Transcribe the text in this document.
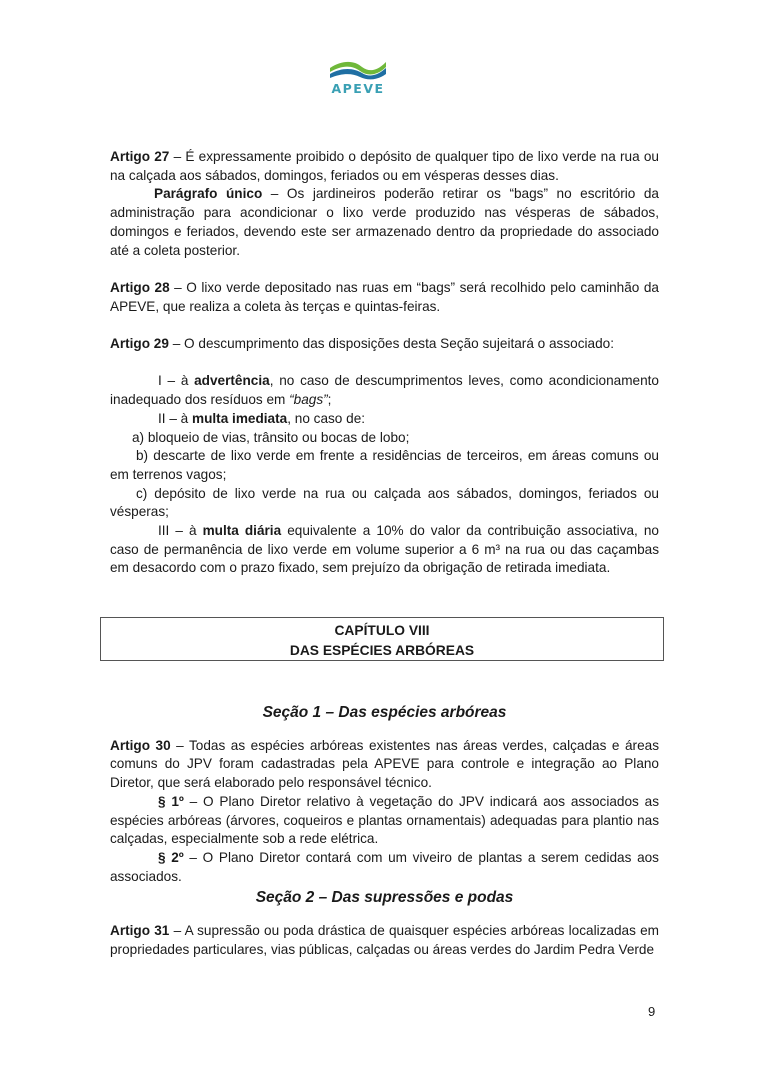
APEVE

Artigo 27 – É expressamente proibido o depósito de qualquer tipo de lixo verde na rua ou na calçada aos sábados, domingos, feriados ou em vésperas desses dias.

Parágrafo único – Os jardineiros poderão retirar os “bags” no escritório da administração para acondicionar o lixo verde produzido nas vésperas de sábados, domingos e feriados, devendo este ser armazenado dentro da propriedade do associado até a coleta posterior.

Artigo 28 – O lixo verde depositado nas ruas em “bags” será recolhido pelo caminhão da APEVE, que realiza a coleta às terças e quintas-feiras.

Artigo 29 – O descumprimento das disposições desta Seção sujeitará o associado:

I – à advertência, no caso de descumprimentos leves, como acondicionamento inadequado dos resíduos em “bags”;

II – à multa imediata, no caso de:

a) bloqueio de vias, trânsito ou bocas de lobo;

b) descarte de lixo verde em frente a residências de terceiros, em áreas comuns ou em terrenos vagos;

c) depósito de lixo verde na rua ou calçada aos sábados, domingos, feriados ou vésperas;

III – à multa diária equivalente a 10% do valor da contribuição associativa, no caso de permanência de lixo verde em volume superior a 6 m³ na rua ou das caçambas em desacordo com o prazo fixado, sem prejuízo da obrigação de retirada imediata.

CAPÍTULO VIII
DAS ESPÉCIES ARBÓREAS

Seção 1 – Das espécies arbóreas

Artigo 30 – Todas as espécies arbóreas existentes nas áreas verdes, calçadas e áreas comuns do JPV foram cadastradas pela APEVE para controle e integração ao Plano Diretor, que será elaborado pelo responsável técnico.

§ 1º – O Plano Diretor relativo à vegetação do JPV indicará aos associados as espécies arbóreas (árvores, coqueiros e plantas ornamentais) adequadas para plantio nas calçadas, especialmente sob a rede elétrica.

§ 2º – O Plano Diretor contará com um viveiro de plantas a serem cedidas aos associados.

Seção 2 – Das supressões e podas

Artigo 31 – A supressão ou poda drástica de quaisquer espécies arbóreas localizadas em propriedades particulares, vias públicas, calçadas ou áreas verdes do Jardim Pedra Verde

9
